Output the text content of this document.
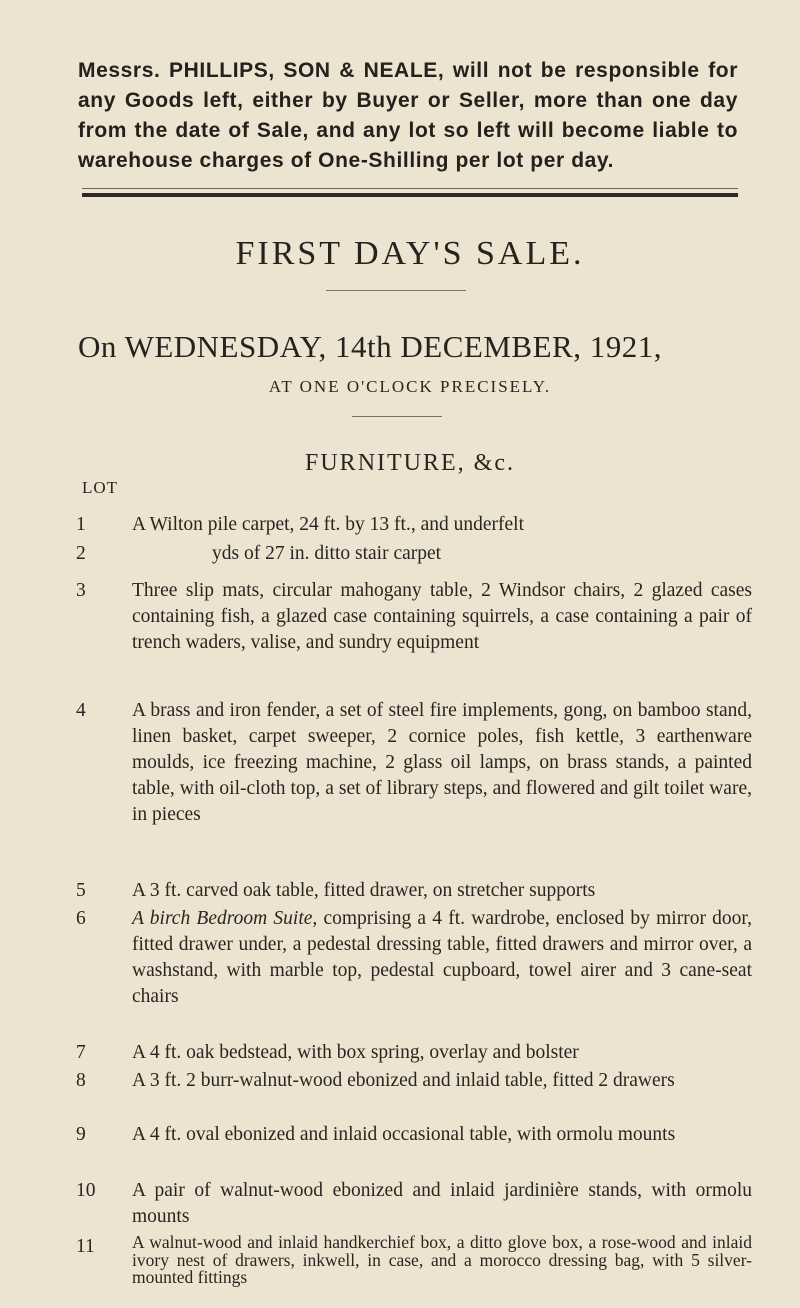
Messrs. PHILLIPS, SON & NEALE, will not be responsible for any Goods left, either by Buyer or Seller, more than one day from the date of Sale, and any lot so left will become liable to warehouse charges of One-Shilling per lot per day.
FIRST DAY'S SALE.
On WEDNESDAY, 14th DECEMBER, 1921,
AT ONE O'CLOCK PRECISELY.
FURNITURE, &c.
LOT
1	A Wilton pile carpet, 24 ft. by 13 ft., and underfelt
2	yds of 27 in. ditto stair carpet
3	Three slip mats, circular mahogany table, 2 Windsor chairs, 2 glazed cases containing fish, a glazed case containing squirrels, a case containing a pair of trench waders, valise, and sundry equipment
4	A brass and iron fender, a set of steel fire implements, gong, on bamboo stand, linen basket, carpet sweeper, 2 cornice poles, fish kettle, 3 earthenware moulds, ice freezing machine, 2 glass oil lamps, on brass stands, a painted table, with oil-cloth top, a set of library steps, and flowered and gilt toilet ware, in pieces
5	A 3 ft. carved oak table, fitted drawer, on stretcher supports
6	A birch Bedroom Suite, comprising a 4 ft. wardrobe, enclosed by mirror door, fitted drawer under, a pedestal dressing table, fitted drawers and mirror over, a washstand, with marble top, pedestal cupboard, towel airer and 3 cane-seat chairs
7	A 4 ft. oak bedstead, with box spring, overlay and bolster
8	A 3 ft. 2 burr-walnut-wood ebonized and inlaid table, fitted 2 drawers
9	A 4 ft. oval ebonized and inlaid occasional table, with ormolu mounts
10	A pair of walnut-wood ebonized and inlaid jardinière stands, with ormolu mounts
11	A walnut-wood and inlaid handkerchief box, a ditto glove box, a rose-wood and inlaid ivory nest of drawers, inkwell, in case, and a morocco dressing bag, with 5 silver-mounted fittings
